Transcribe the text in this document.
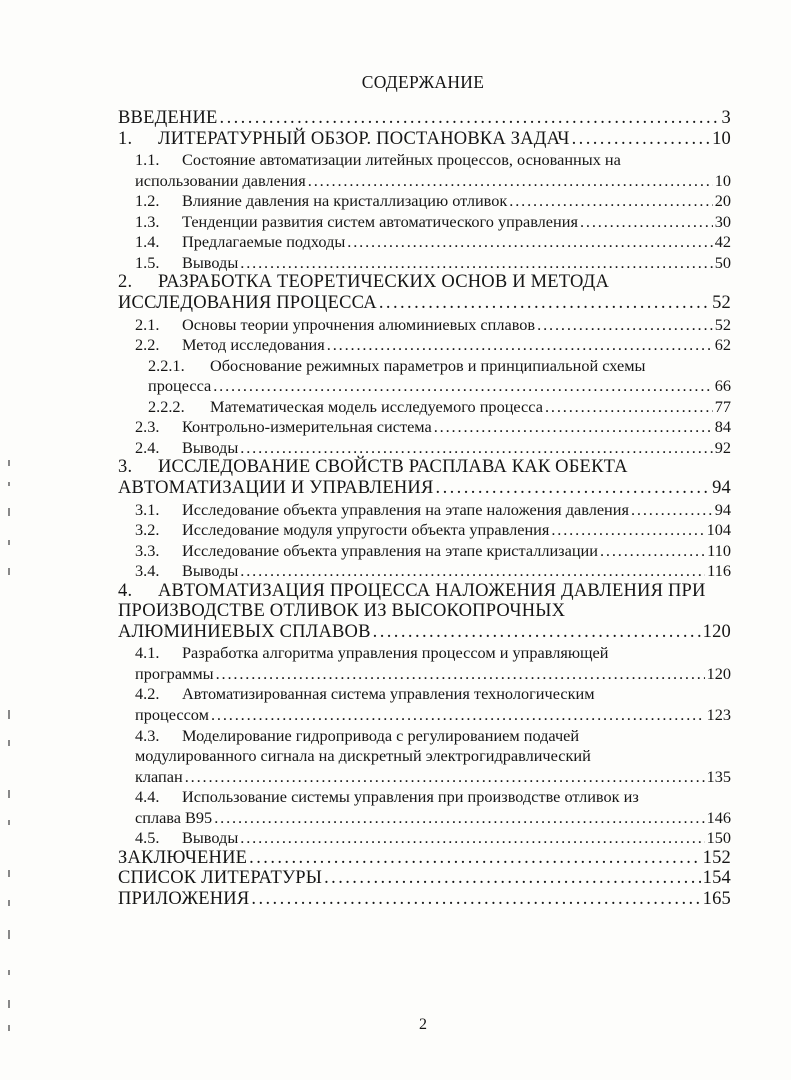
СОДЕРЖАНИЕ
ВВЕДЕНИЕ . . .	3
1. ЛИТЕРАТУРНЫЙ ОБЗОР. ПОСТАНОВКА ЗАДАЧ . . .	10
1.1. Состояние автоматизации литейных процессов, основанных на
использовании давления . . .	10
1.2. Влияние давления на кристаллизацию отливок . . .	20
1.3. Тенденции развития систем автоматического управления . . .	30
1.4. Предлагаемые подходы . . .	42
1.5. Выводы . . .	50
2. РАЗРАБОТКА ТЕОРЕТИЧЕСКИХ ОСНОВ И МЕТОДА
ИССЛЕДОВАНИЯ ПРОЦЕССА . . .	52
2.1. Основы теории упрочнения алюминиевых сплавов . . .	52
2.2. Метод исследования . . .	62
2.2.1. Обоснование режимных параметров и принципиальной схемы
процесса . . .	66
2.2.2. Математическая модель исследуемого процесса . . .	77
2.3. Контрольно-измерительная система . . .	84
2.4. Выводы . . .	92
3. ИССЛЕДОВАНИЕ СВОЙСТВ РАСПЛАВА КАК ОБЕКТА
АВТОМАТИЗАЦИИ И УПРАВЛЕНИЯ . . .	94
3.1. Исследование объекта управления на этапе наложения давления . . .	94
3.2. Исследование модуля упругости объекта управления . . .	104
3.3. Исследование объекта управления на этапе кристаллизации . . .	110
3.4. Выводы . . .	116
4. АВТОМАТИЗАЦИЯ ПРОЦЕССА НАЛОЖЕНИЯ ДАВЛЕНИЯ ПРИ
ПРОИЗВОДСТВЕ ОТЛИВОК ИЗ ВЫСОКОПРОЧНЫХ
АЛЮМИНИЕВЫХ СПЛАВОВ . . .	120
4.1. Разработка алгоритма управления процессом и управляющей
программы . . .	120
4.2. Автоматизированная система управления технологическим
процессом . . .	123
4.3. Моделирование гидропривода с регулированием подачей
модулированного сигнала на дискретный электрогидравлический
клапан . . .	135
4.4. Использование системы управления при производстве отливок из
сплава В95 . . .	146
4.5. Выводы . . .	150
ЗАКЛЮЧЕНИЕ . . .	152
СПИСОК ЛИТЕРАТУРЫ . . .	154
ПРИЛОЖЕНИЯ . . .	165
2
